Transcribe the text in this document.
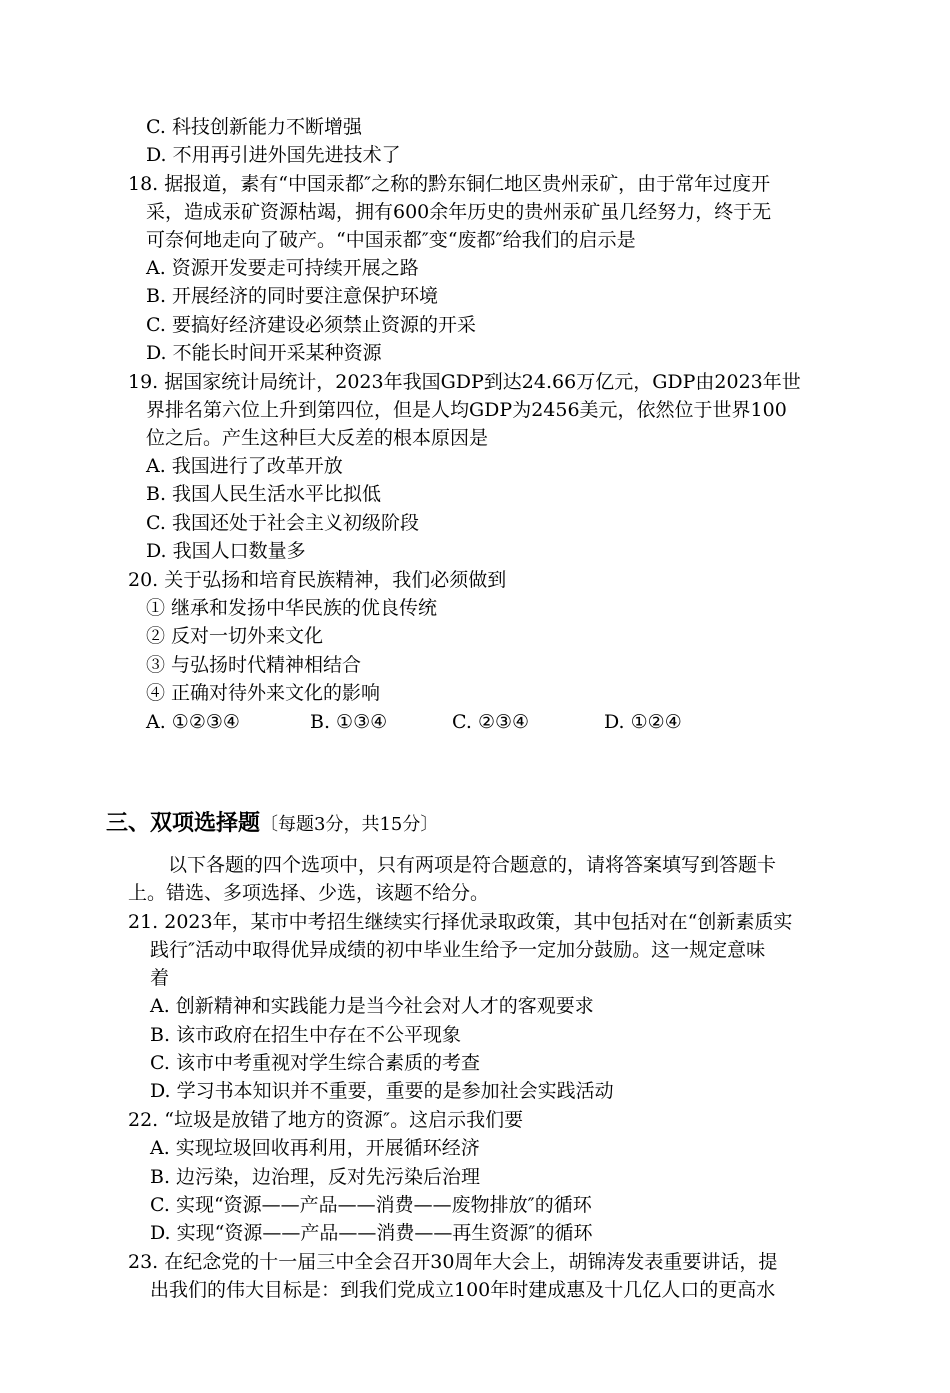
C. 科技创新能力不断增强
D. 不用再引进外国先进技术了
18. 据报道，素有“中国汞都″之称的黔东铜仁地区贵州汞矿，由于常年过度开
采，造成汞矿资源枯竭，拥有600余年历史的贵州汞矿虽几经努力，终于无
可奈何地走向了破产。“中国汞都″变“废都″给我们的启示是
A. 资源开发要走可持续开展之路
B. 开展经济的同时要注意保护环境
C. 要搞好经济建设必须禁止资源的开采
D. 不能长时间开采某种资源
19. 据国家统计局统计，2023年我国GDP到达24.66万亿元，GDP由2023年世
界排名第六位上升到第四位，但是人均GDP为2456美元，依然位于世界100
位之后。产生这种巨大反差的根本原因是
A. 我国进行了改革开放
B. 我国人民生活水平比拟低
C. 我国还处于社会主义初级阶段
D. 我国人口数量多
20. 关于弘扬和培育民族精神，我们必须做到
① 继承和发扬中华民族的优良传统
② 反对一切外来文化
③ 与弘扬时代精神相结合
④ 正确对待外来文化的影响
A. ①②③④	B. ①③④	C. ②③④	D. ①②④
三、双项选择题〔每题3分，共15分〕
以下各题的四个选项中，只有两项是符合题意的，请将答案填写到答题卡
上。错选、多项选择、少选，该题不给分。
21. 2023年，某市中考招生继续实行择优录取政策，其中包括对在“创新素质实
践行″活动中取得优异成绩的初中毕业生给予一定加分鼓励。这一规定意味
着
A. 创新精神和实践能力是当今社会对人才的客观要求
B. 该市政府在招生中存在不公平现象
C. 该市中考重视对学生综合素质的考查
D. 学习书本知识并不重要，重要的是参加社会实践活动
22. “垃圾是放错了地方的资源″。这启示我们要
A. 实现垃圾回收再利用，开展循环经济
B. 边污染，边治理，反对先污染后治理
C. 实现“资源——产品——消费——废物排放″的循环
D. 实现“资源——产品——消费——再生资源″的循环
23. 在纪念党的十一届三中全会召开30周年大会上，胡锦涛发表重要讲话，提
出我们的伟大目标是：到我们党成立100年时建成惠及十几亿人口的更高水
